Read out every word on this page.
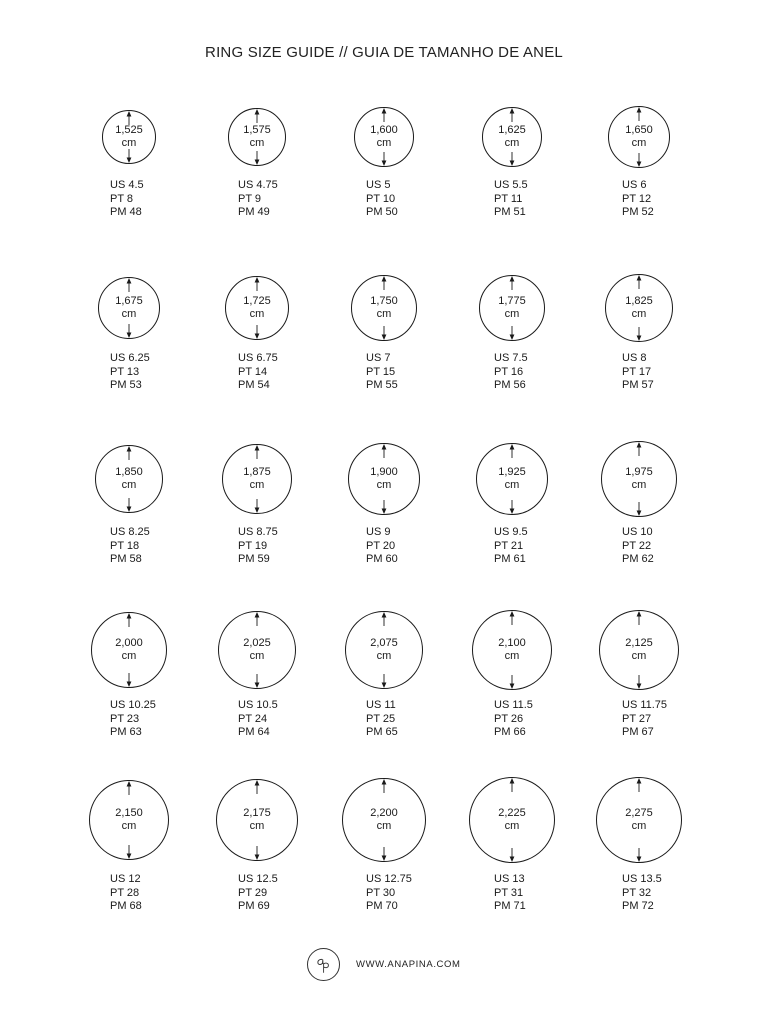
RING SIZE GUIDE // GUIA DE TAMANHO DE ANEL
1,525
cm
US 4.5
PT 8
PM 48
1,575
cm
US 4.75
PT 9
PM 49
1,600
cm
US 5
PT 10
PM 50
1,625
cm
US 5.5
PT 11
PM 51
1,650
cm
US 6
PT 12
PM 52
1,675
cm
US 6.25
PT 13
PM 53
1,725
cm
US 6.75
PT 14
PM 54
1,750
cm
US 7
PT 15
PM 55
1,775
cm
US 7.5
PT 16
PM 56
1,825
cm
US 8
PT 17
PM 57
1,850
cm
US 8.25
PT 18
PM 58
1,875
cm
US 8.75
PT 19
PM 59
1,900
cm
US 9
PT 20
PM 60
1,925
cm
US 9.5
PT 21
PM 61
1,975
cm
US 10
PT 22
PM 62
2,000
cm
US 10.25
PT 23
PM 63
2,025
cm
US 10.5
PT 24
PM 64
2,075
cm
US 11
PT 25
PM 65
2,100
cm
US 11.5
PT 26
PM 66
2,125
cm
US 11.75
PT 27
PM 67
2,150
cm
US 12
PT 28
PM 68
2,175
cm
US 12.5
PT 29
PM 69
2,200
cm
US 12.75
PT 30
PM 70
2,225
cm
US 13
PT 31
PM 71
2,275
cm
US 13.5
PT 32
PM 72
WWW.ANAPINA.COM
